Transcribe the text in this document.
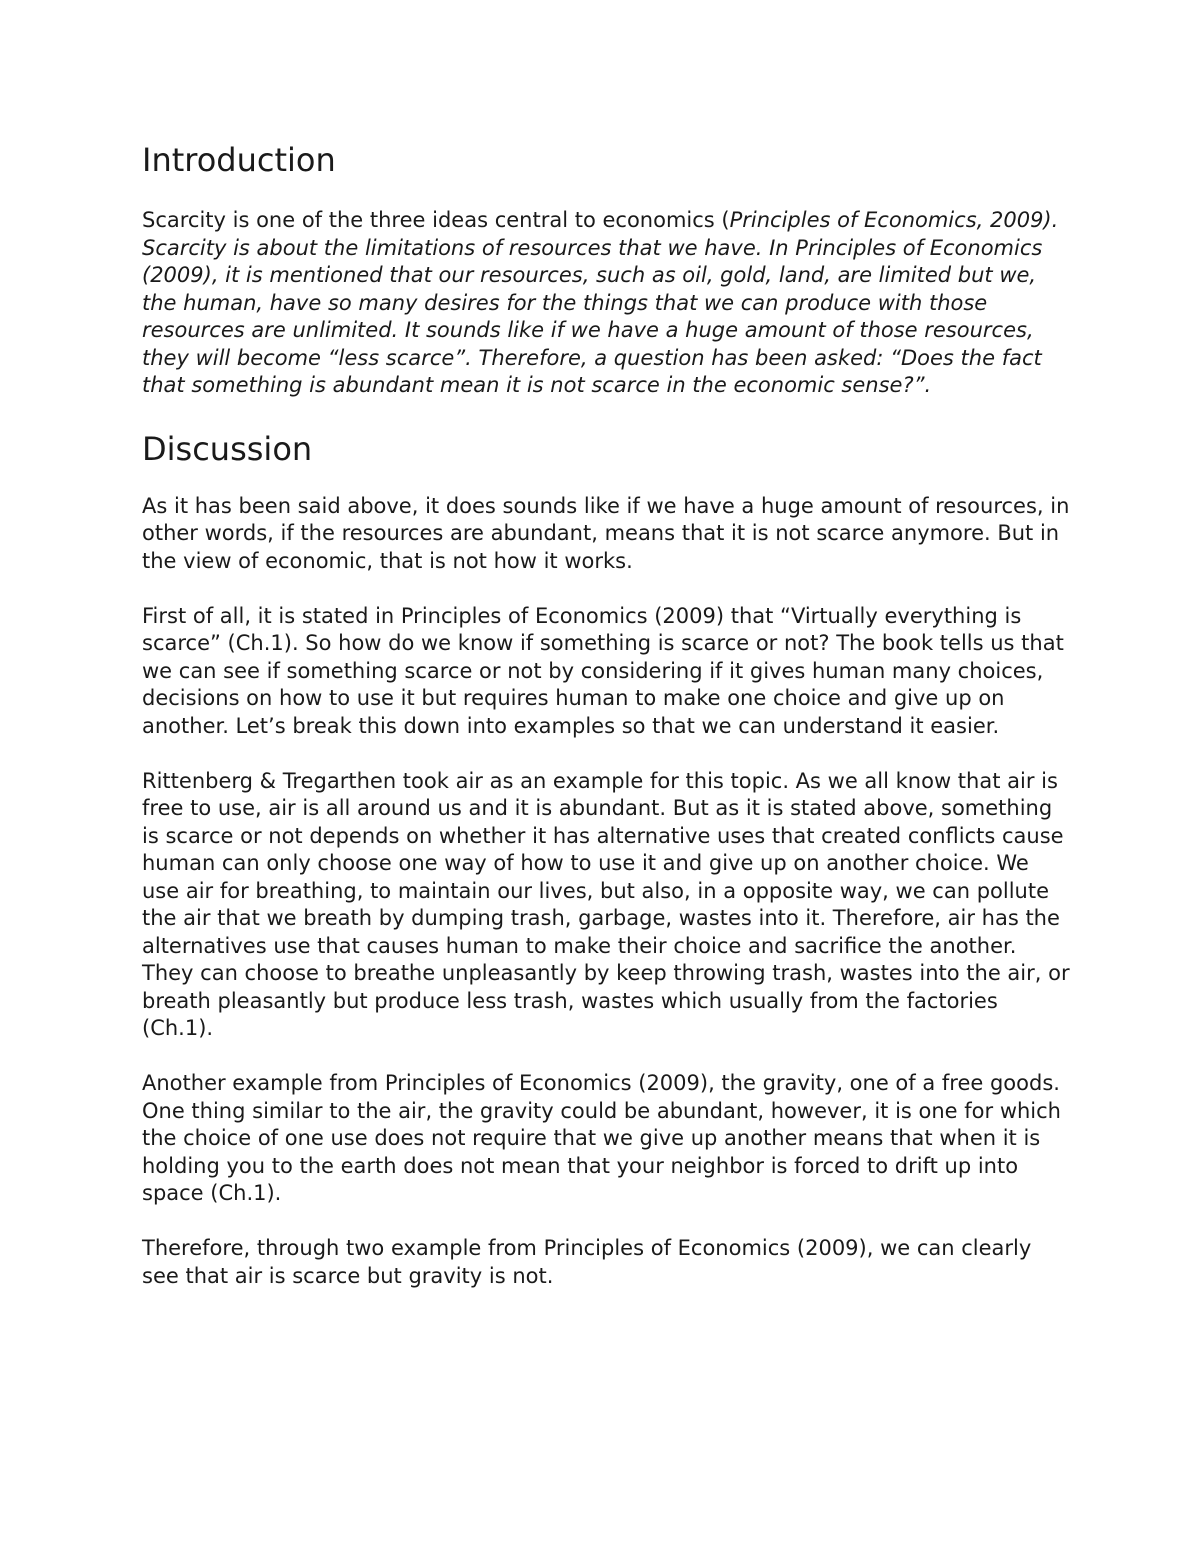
Introduction

Scarcity is one of the three ideas central to economics (Principles of Economics, 2009). Scarcity is about the limitations of resources that we have. In Principles of Economics (2009), it is mentioned that our resources, such as oil, gold, land, are limited but we, the human, have so many desires for the things that we can produce with those resources are unlimited. It sounds like if we have a huge amount of those resources, they will become “less scarce”. Therefore, a question has been asked: “Does the fact that something is abundant mean it is not scarce in the economic sense?”.

Discussion

As it has been said above, it does sounds like if we have a huge amount of resources, in other words, if the resources are abundant, means that it is not scarce anymore. But in the view of economic, that is not how it works.

First of all, it is stated in Principles of Economics (2009) that “Virtually everything is scarce” (Ch.1). So how do we know if something is scarce or not? The book tells us that we can see if something scarce or not by considering if it gives human many choices, decisions on how to use it but requires human to make one choice and give up on another. Let’s break this down into examples so that we can understand it easier.

Rittenberg & Tregarthen took air as an example for this topic. As we all know that air is free to use, air is all around us and it is abundant. But as it is stated above, something is scarce or not depends on whether it has alternative uses that created conflicts cause human can only choose one way of how to use it and give up on another choice. We use air for breathing, to maintain our lives, but also, in a opposite way, we can pollute the air that we breath by dumping trash, garbage, wastes into it. Therefore, air has the alternatives use that causes human to make their choice and sacrifice the another. They can choose to breathe unpleasantly by keep throwing trash, wastes into the air, or breath pleasantly but produce less trash, wastes which usually from the factories (Ch.1).

Another example from Principles of Economics (2009), the gravity, one of a free goods. One thing similar to the air, the gravity could be abundant, however, it is one for which the choice of one use does not require that we give up another means that when it is holding you to the earth does not mean that your neighbor is forced to drift up into space (Ch.1).

Therefore, through two example from Principles of Economics (2009), we can clearly see that air is scarce but gravity is not.
